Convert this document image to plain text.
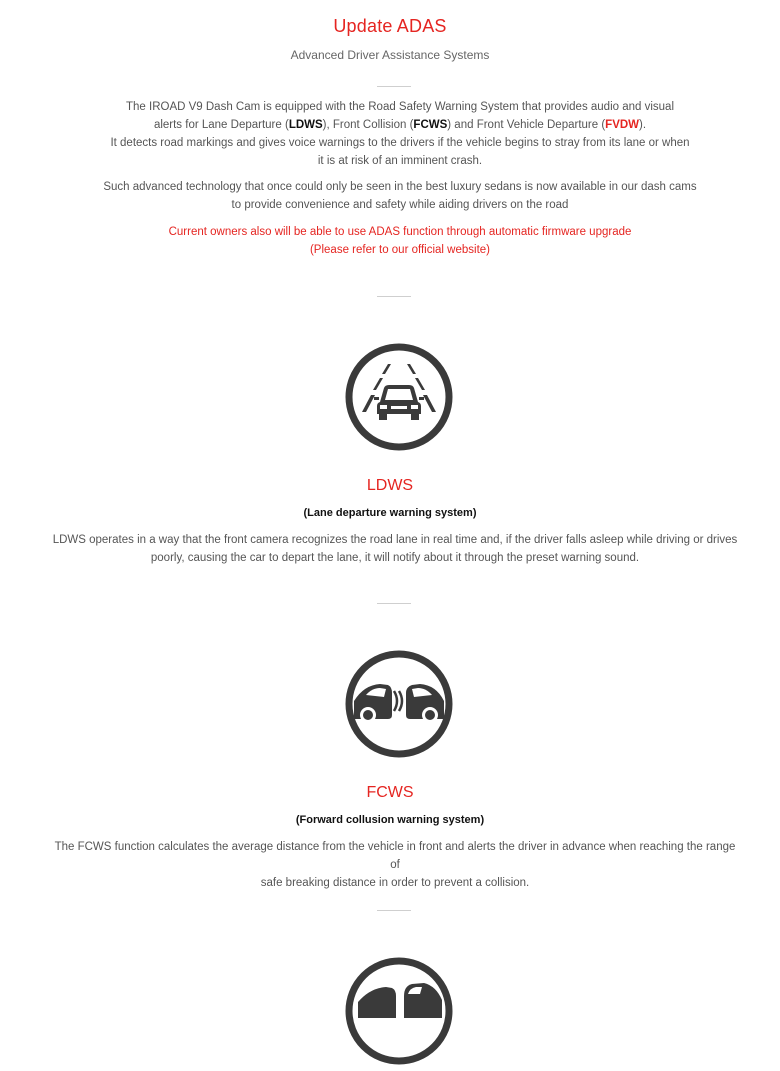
Update ADAS
Advanced Driver Assistance Systems
The IROAD V9 Dash Cam is equipped with the Road Safety Warning System that provides audio and visual
alerts for Lane Departure (LDWS), Front Collision (FCWS) and Front Vehicle Departure (FVDW).
It detects road markings and gives voice warnings to the drivers if the vehicle begins to stray from its lane or when
it is at risk of an imminent crash.
Such advanced technology that once could only be seen in the best luxury sedans is now available in our dash cams
to provide convenience and safety while aiding drivers on the road
Current owners also will be able to use ADAS function through automatic firmware upgrade
(Please refer to our official website)
LDWS
(Lane departure warning system)
LDWS operates in a way that the front camera recognizes the road lane in real time and, if the driver falls asleep while driving or drives
poorly, causing the car to depart the lane, it will notify about it through the preset warning sound.
FCWS
(Forward collusion warning system)
The FCWS function calculates the average distance from the vehicle in front and alerts the driver in advance when reaching the range of
safe breaking distance in order to prevent a collision.
